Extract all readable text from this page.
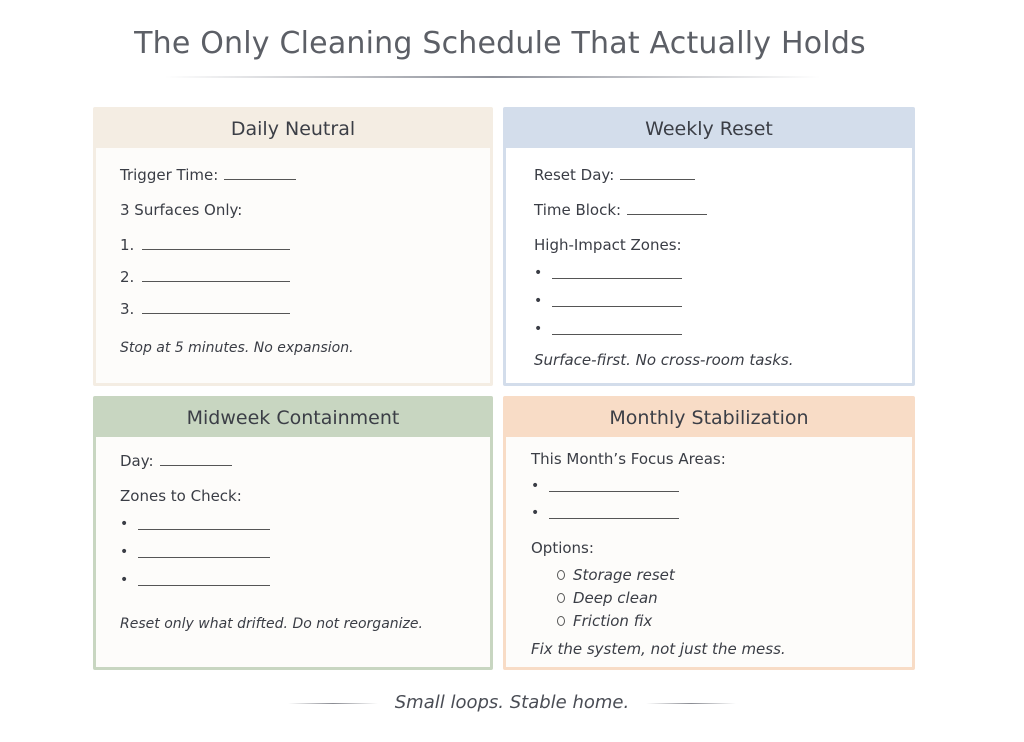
The Only Cleaning Schedule That Actually Holds
Daily Neutral
Trigger Time:
3 Surfaces Only:
1.
2.
3.
Stop at 5 minutes. No expansion.
Weekly Reset
Reset Day:
Time Block:
High-Impact Zones:
•
•
•
Surface-first. No cross-room tasks.
Midweek Containment
Day:
Zones to Check:
•
•
•
Reset only what drifted. Do not reorganize.
Monthly Stabilization
This Month’s Focus Areas:
•
•
Options:
Storage reset
Deep clean
Friction fix
Fix the system, not just the mess.
Small loops. Stable home.
